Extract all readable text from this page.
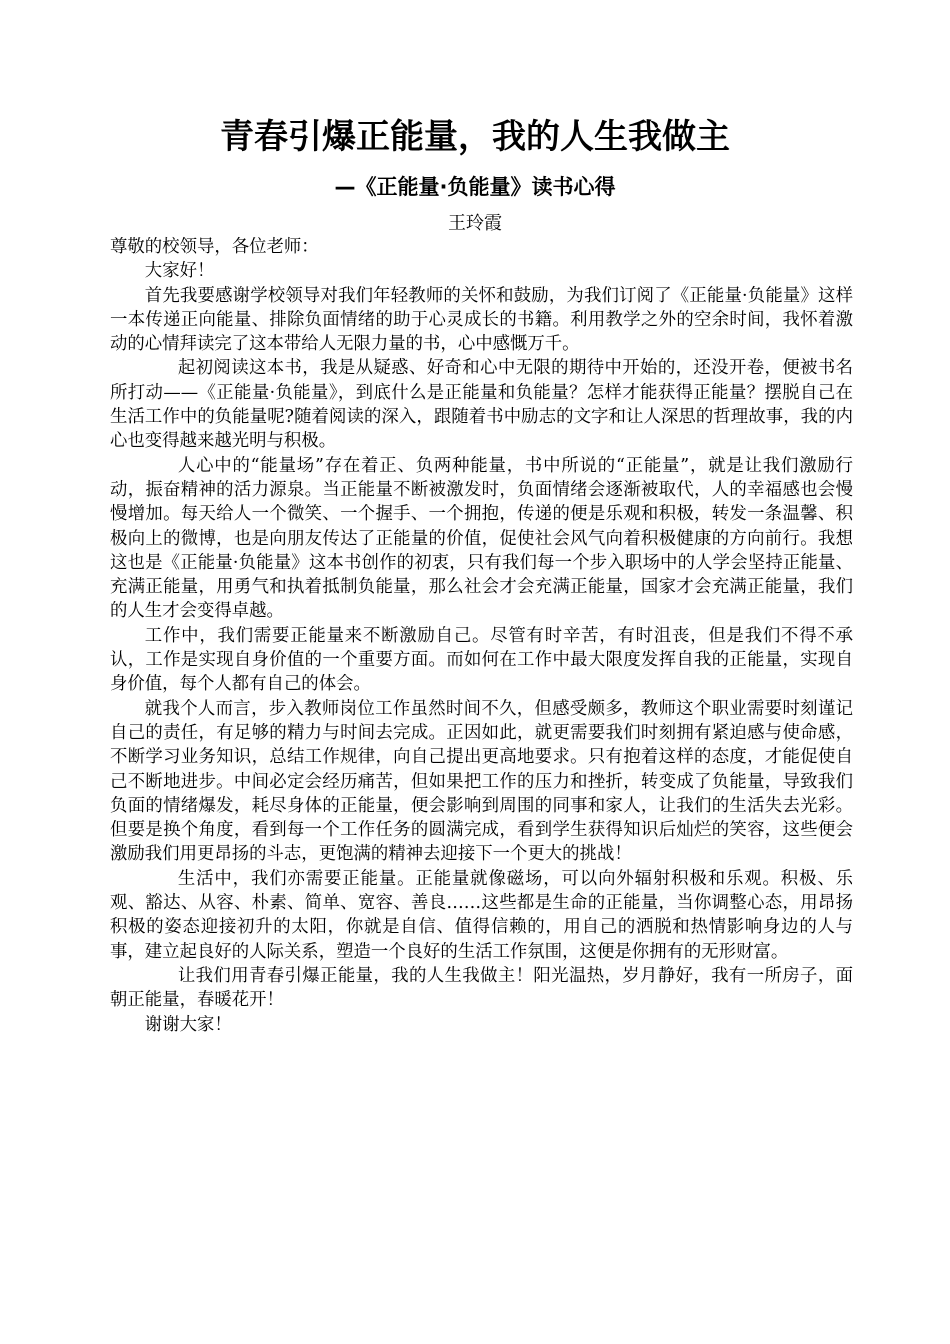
青春引爆正能量，我的人生我做主
—《正能量·负能量》读书心得
王玲霞

尊敬的校领导，各位老师：

大家好！

首先我要感谢学校领导对我们年轻教师的关怀和鼓励，为我们订阅了《正能量·负能量》这样一本传递正向能量、排除负面情绪的助于心灵成长的书籍。利用教学之外的空余时间，我怀着激动的心情拜读完了这本带给人无限力量的书，心中感慨万千。

起初阅读这本书，我是从疑惑、好奇和心中无限的期待中开始的，还没开卷，便被书名所打动——《正能量·负能量》，到底什么是正能量和负能量？怎样才能获得正能量？摆脱自己在生活工作中的负能量呢?随着阅读的深入，跟随着书中励志的文字和让人深思的哲理故事，我的内心也变得越来越光明与积极。

人心中的“能量场”存在着正、负两种能量，书中所说的“正能量”，就是让我们激励行动，振奋精神的活力源泉。当正能量不断被激发时，负面情绪会逐渐被取代，人的幸福感也会慢慢增加。每天给人一个微笑、一个握手、一个拥抱，传递的便是乐观和积极，转发一条温馨、积极向上的微博，也是向朋友传达了正能量的价值，促使社会风气向着积极健康的方向前行。我想这也是《正能量·负能量》这本书创作的初衷，只有我们每一个步入职场中的人学会坚持正能量、充满正能量，用勇气和执着抵制负能量，那么社会才会充满正能量，国家才会充满正能量，我们的人生才会变得卓越。

工作中，我们需要正能量来不断激励自己。尽管有时辛苦，有时沮丧，但是我们不得不承认，工作是实现自身价值的一个重要方面。而如何在工作中最大限度发挥自我的正能量，实现自身价值，每个人都有自己的体会。

就我个人而言，步入教师岗位工作虽然时间不久，但感受颇多，教师这个职业需要时刻谨记自己的责任，有足够的精力与时间去完成。正因如此，就更需要我们时刻拥有紧迫感与使命感，不断学习业务知识，总结工作规律，向自己提出更高地要求。只有抱着这样的态度，才能促使自己不断地进步。中间必定会经历痛苦，但如果把工作的压力和挫折，转变成了负能量，导致我们负面的情绪爆发，耗尽身体的正能量，便会影响到周围的同事和家人，让我们的生活失去光彩。但要是换个角度，看到每一个工作任务的圆满完成，看到学生获得知识后灿烂的笑容，这些便会激励我们用更昂扬的斗志，更饱满的精神去迎接下一个更大的挑战！

生活中，我们亦需要正能量。正能量就像磁场，可以向外辐射积极和乐观。积极、乐观、豁达、从容、朴素、简单、宽容、善良……这些都是生命的正能量，当你调整心态，用昂扬积极的姿态迎接初升的太阳，你就是自信、值得信赖的，用自己的洒脱和热情影响身边的人与事，建立起良好的人际关系，塑造一个良好的生活工作氛围，这便是你拥有的无形财富。

让我们用青春引爆正能量，我的人生我做主！阳光温热，岁月静好，我有一所房子，面朝正能量，春暖花开！

谢谢大家！
